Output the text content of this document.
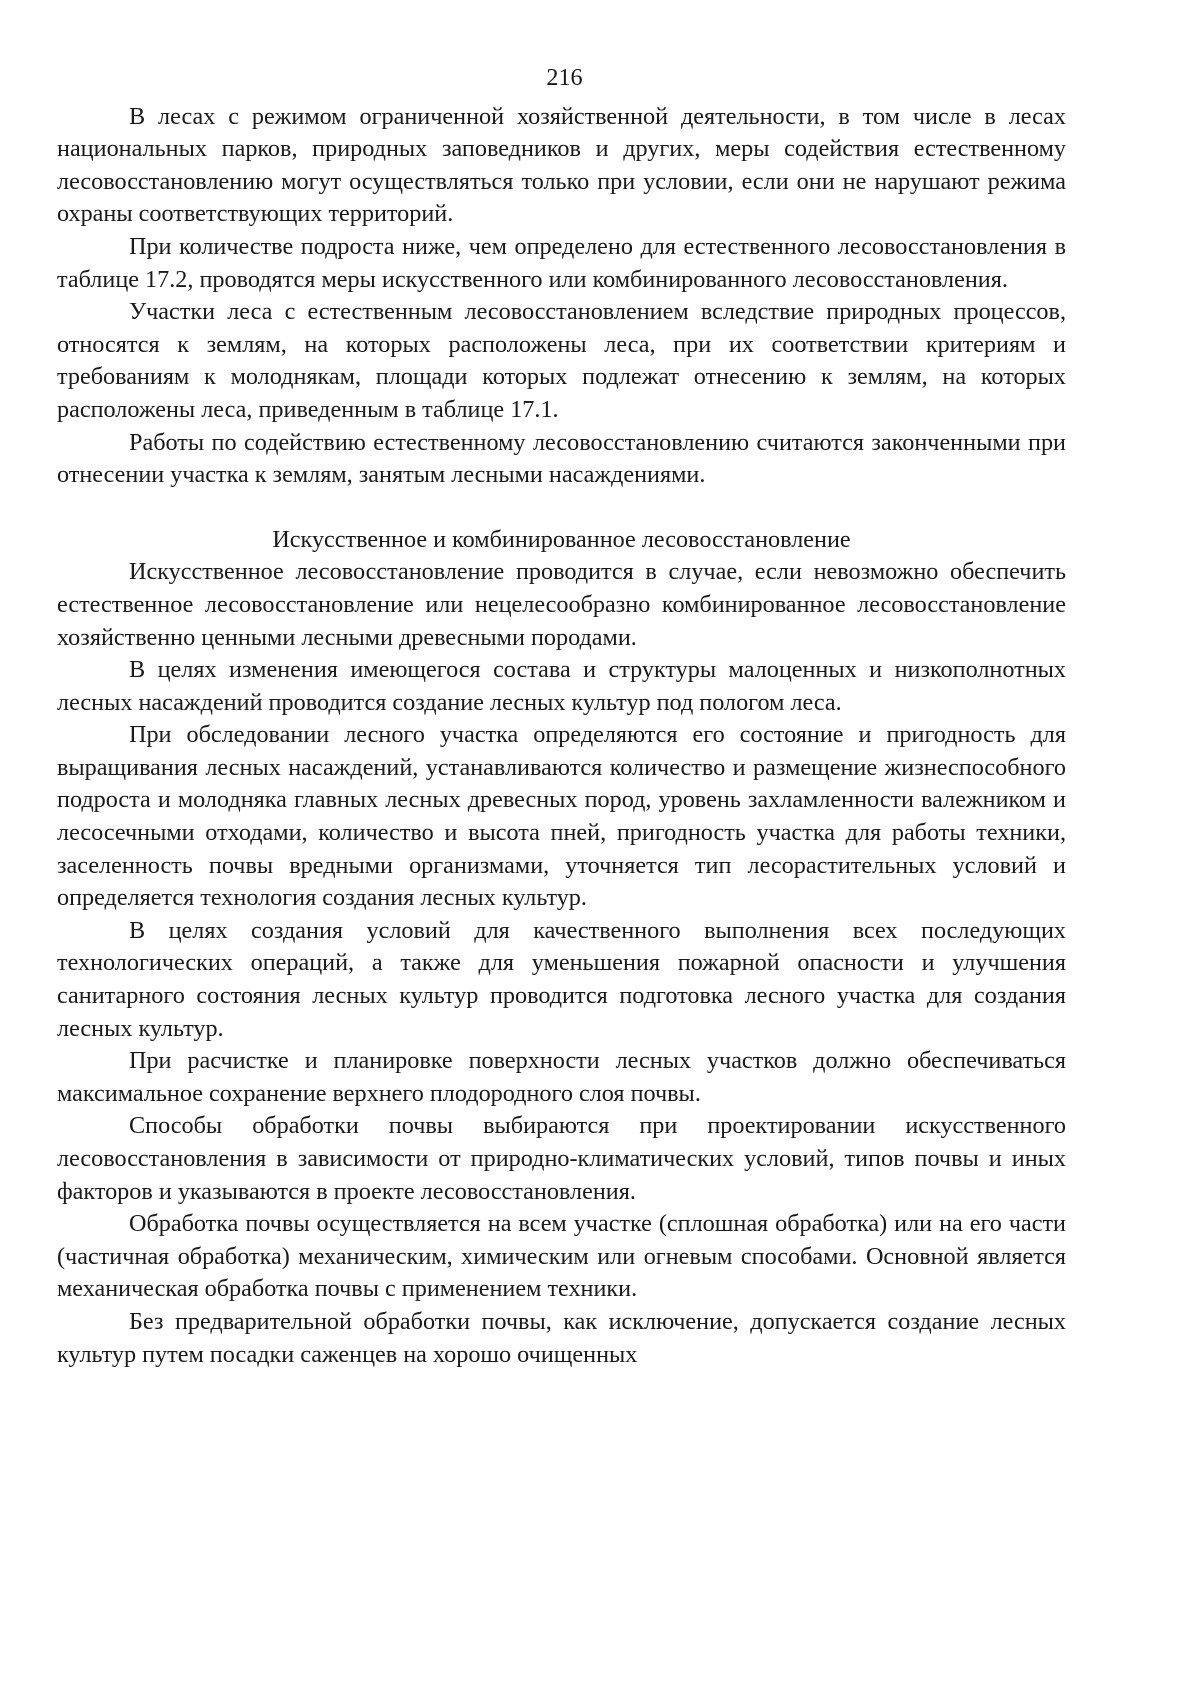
216

В лесах с режимом ограниченной хозяйственной деятельности, в том числе в лесах национальных парков, природных заповедников и других, меры содействия естественному лесовосстановлению могут осуществляться только при условии, если они не нарушают режима охраны соответствующих территорий.

При количестве подроста ниже, чем определено для естественного лесовосстановления в таблице 17.2, проводятся меры искусственного или комбинированного лесовосстановления.

Участки леса с естественным лесовосстановлением вследствие природных процессов, относятся к землям, на которых расположены леса, при их соответствии критериям и требованиям к молоднякам, площади которых подлежат отнесению к землям, на которых расположены леса, приведенным в таблице 17.1.

Работы по содействию естественному лесовосстановлению считаются законченными при отнесении участка к землям, занятым лесными насаждениями.

Искусственное и комбинированное лесовосстановление

Искусственное лесовосстановление проводится в случае, если невозможно обеспечить естественное лесовосстановление или нецелесообразно комбинированное лесовосстановление хозяйственно ценными лесными древесными породами.

В целях изменения имеющегося состава и структуры малоценных и низкополнотных лесных насаждений проводится создание лесных культур под пологом леса.

При обследовании лесного участка определяются его состояние и пригодность для выращивания лесных насаждений, устанавливаются количество и размещение жизнеспособного подроста и молодняка главных лесных древесных пород, уровень захламленности валежником и лесосечными отходами, количество и высота пней, пригодность участка для работы техники, заселенность почвы вредными организмами, уточняется тип лесорастительных условий и определяется технология создания лесных культур.

В целях создания условий для качественного выполнения всех последующих технологических операций, а также для уменьшения пожарной опасности и улучшения санитарного состояния лесных культур проводится подготовка лесного участка для создания лесных культур.

При расчистке и планировке поверхности лесных участков должно обеспечиваться максимальное сохранение верхнего плодородного слоя почвы.

Способы обработки почвы выбираются при проектировании искусственного лесовосстановления в зависимости от природно-климатических условий, типов почвы и иных факторов и указываются в проекте лесовосстановления.

Обработка почвы осуществляется на всем участке (сплошная обработка) или на его части (частичная обработка) механическим, химическим или огневым способами. Основной является механическая обработка почвы с применением техники.

Без предварительной обработки почвы, как исключение, допускается создание лесных культур путем посадки саженцев на хорошо очищенных
